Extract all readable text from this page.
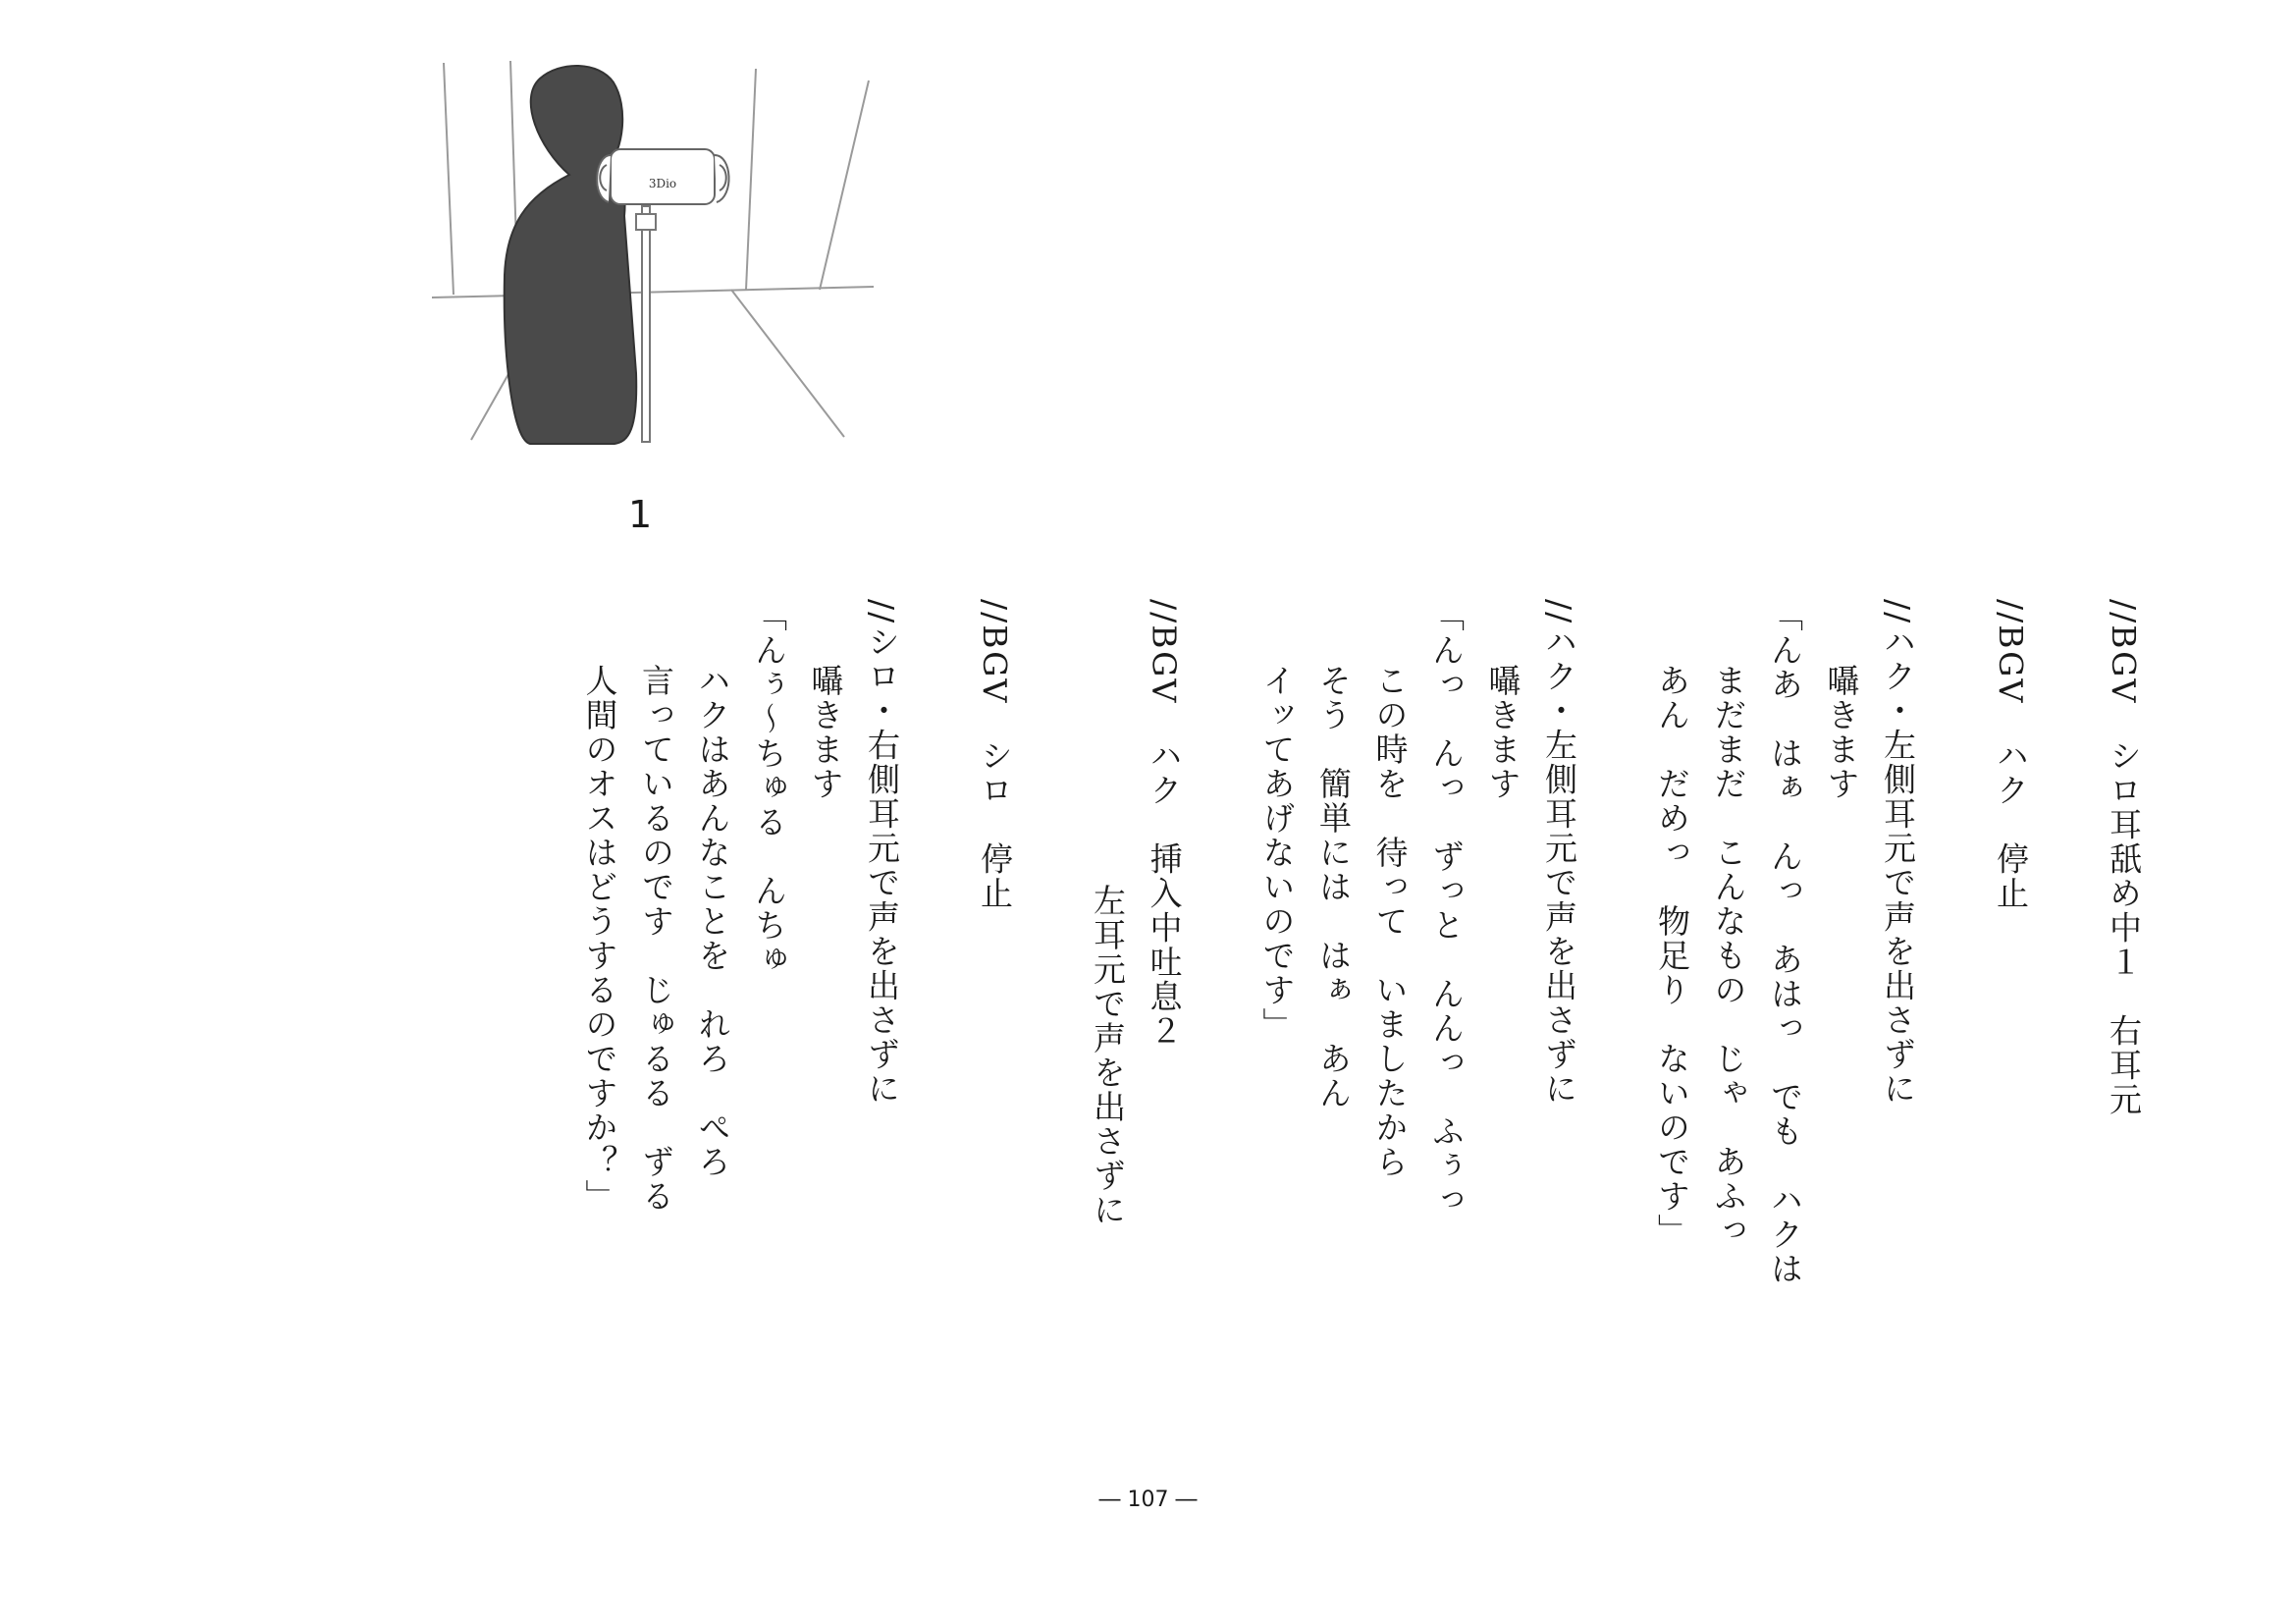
3Dio
1
//BGV　シロ耳舐め中１　右耳元
//BGV　ハク　停止
//ハク・左側耳元で声を出さずに
囁きます
「んあ　はぁ　んっ　あはっ　でも　ハクは
まだまだ　こんなもの　じゃ　あふっ
あん　だめっ　物足り　ないのです」
//ハク・左側耳元で声を出さずに
囁きます
「んっ　んっ　ずっと　んんっ　ふぅっ
この時を　待って　いましたから
そう　簡単には　はぁ　あん
イッてあげないのです」
//BGV　ハク　挿入中吐息２
左耳元で声を出さずに
//BGV　シロ　停止
//シロ・右側耳元で声を出さずに
囁きます
「んぅ～ちゅる　んちゅ
ハクはあんなことを　れろ　ぺろ
言っているのです　じゅるる　ずる
人間のオスはどうするのですか？」
― 107 ―
